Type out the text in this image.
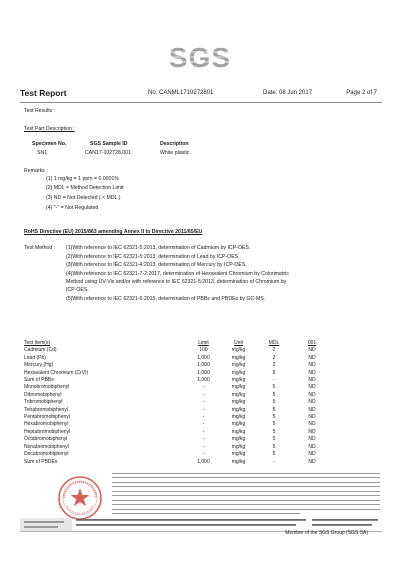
SGS
Test Report	No. CANML1710272801	Date: 08 Jun 2017	Page 2 of 7
Test Results :
Test Part Description :
Specimen No.	SGS Sample ID	Description
SN1	CAN17-102728.001	White plastic
Remarks :
(1) 1 mg/kg = 1 ppm = 0.0001%
(2) MDL = Method Detection Limit
(3) ND = Not Detected ( < MDL )
(4) "-" = Not Regulated
RoHS Directive (EU) 2015/863 amending Annex II to Directive 2011/65/EU
Test Method : (1)With reference to IEC 62321-5:2013, determination of Cadmium by ICP-OES.
(2)With reference to IEC 62321-5:2013, determination of Lead by ICP-OES.
(3)With reference to IEC 62321-4:2013, determination of Mercury by ICP-OES.
(4)With reference to IEC 62321-7-2:2017, determination of Hexavalent Chromium by Colorimetric
Method using UV-Vis and/or with reference to IEC 62321-5:2013, determination of Chromium by
ICP-OES.
(5)With reference to IEC 62321-6:2015, determination of PBBs and PBDEs by GC-MS.
Test Item(s)	Limit	Unit	MDL	001
Cadmium (Cd)	100	mg/kg	2	ND
Lead (Pb)	1,000	mg/kg	2	ND
Mercury (Hg)	1,000	mg/kg	2	ND
Hexavalent Chromium (CrVI)	1,000	mg/kg	8	ND
Sum of PBBs	1,000	mg/kg	-	ND
Monobromobiphenyl	-	mg/kg	5	ND
Dibromobiphenyl	-	mg/kg	5	ND
Tribromobiphenyl	-	mg/kg	5	ND
Tetrabromobiphenyl	-	mg/kg	5	ND
Pentabromobiphenyl	-	mg/kg	5	ND
Hexabromobiphenyl	-	mg/kg	5	ND
Heptabromobiphenyl	-	mg/kg	5	ND
Octabromobiphenyl	-	mg/kg	5	ND
Nonabromobiphenyl	-	mg/kg	5	ND
Decabromobiphenyl	-	mg/kg	5	ND
Sum of PBDEs	1,000	mg/kg	-	ND
Member of the SGS Group (SGS SA)
